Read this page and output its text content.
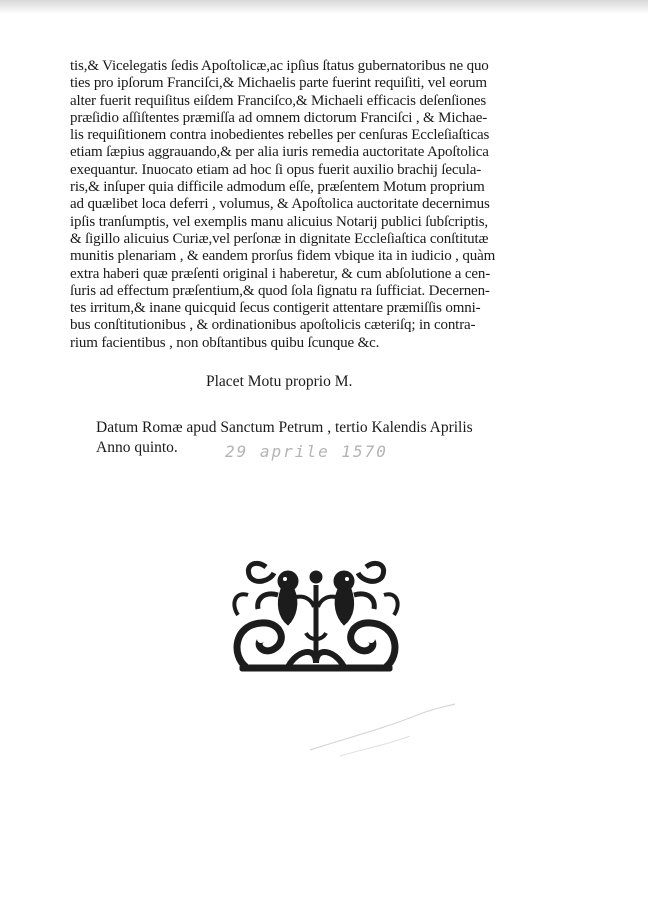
tis,& Vicelegatis ſedis Apoſtolicæ,ac ipſius ſtatus gubernatoribus ne quo
ties pro ipſorum Franciſci,& Michaelis parte fuerint requiſiti, vel eorum
alter fuerit requiſitus eiſdem Franciſco,& Michaeli efficacis deſenſiones
præſidio aſſiſtentes præmiſſa ad omnem dictorum Franciſci , & Michae-
lis requiſitionem contra inobedientes rebelles per cenſuras Eccleſiaſticas
etiam ſæpius aggrauando,& per alia iuris remedia auctoritate Apoſtolica
exequantur. Inuocato etiam ad hoc ſi opus fuerit auxilio brachij ſecula-
ris,& inſuper quia difficile admodum eſſe, præſentem Motum proprium
ad quælibet loca deferri , volumus, & Apoſtolica auctoritate decernimus
ipſis tranſumptis, vel exemplis manu alicuius Notarij publici ſubſcriptis,
& ſigillo alicuius Curiæ,vel perſonæ in dignitate Eccleſiaſtica conſtitutæ
munitis plenariam , & eandem prorſus fidem vbique ita in iudicio , quàm
extra haberi quæ præſenti original i haberetur, & cum abſolutione a cen-
ſuris ad effectum præſentium,& quod ſola ſignatu ra ſufficiat. Decernen-
tes irritum,& inane quicquid ſecus contigerit attentare præmiſſis omni-
bus conſtitutionibus , & ordinationibus apoſtolicis cæteriſq; in contra-
rium facientibus , non obſtantibus quibu ſcunque &c.
Placet Motu proprio M.
Datum Romæ apud Sanctum Petrum , tertio Kalendis Aprilis
Anno quinto.	29 aprile 1570
